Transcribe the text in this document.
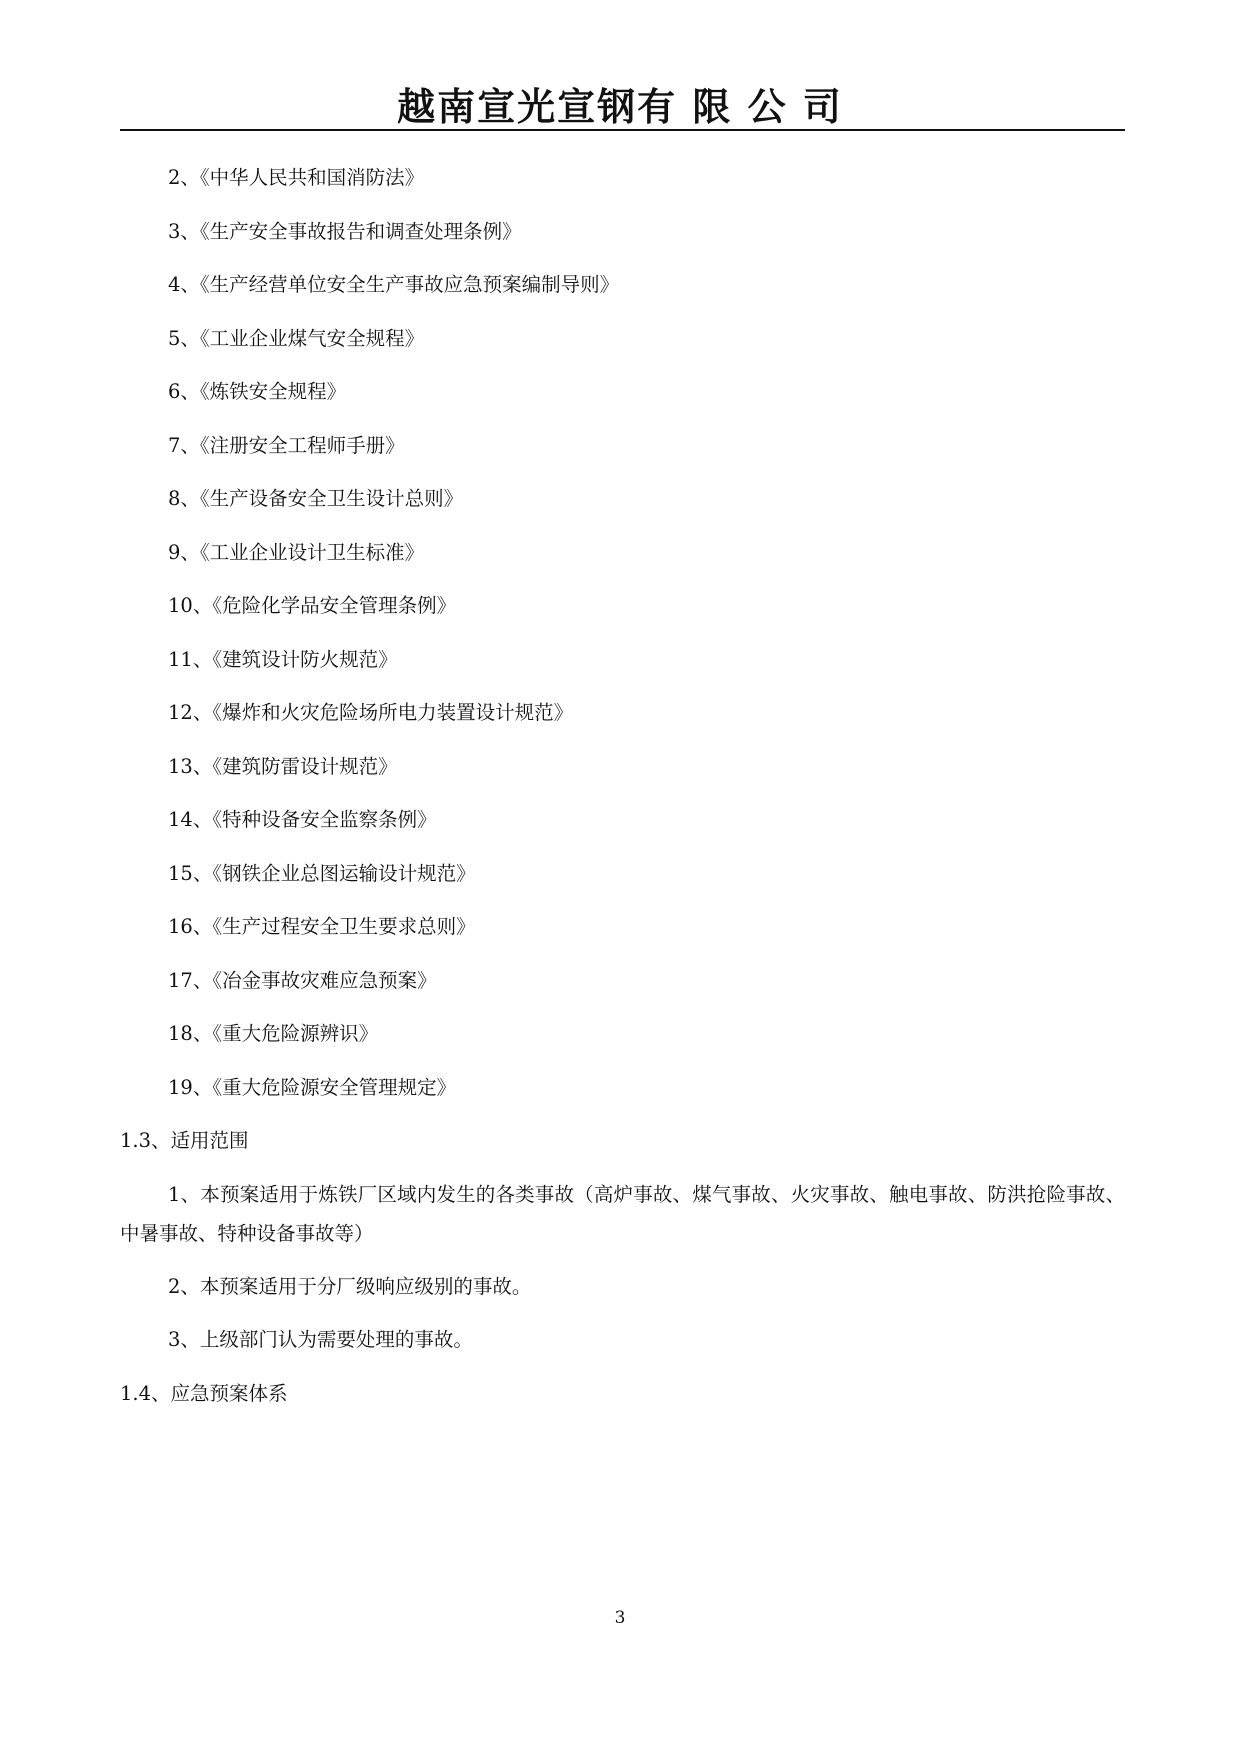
越南宣光宣钢有 限 公 司
2、《中华人民共和国消防法》
3、《生产安全事故报告和调查处理条例》
4、《生产经营单位安全生产事故应急预案编制导则》
5、《工业企业煤气安全规程》
6、《炼铁安全规程》
7、《注册安全工程师手册》
8、《生产设备安全卫生设计总则》
9、《工业企业设计卫生标准》
10、《危险化学品安全管理条例》
11、《建筑设计防火规范》
12、《爆炸和火灾危险场所电力装置设计规范》
13、《建筑防雷设计规范》
14、《特种设备安全监察条例》
15、《钢铁企业总图运输设计规范》
16、《生产过程安全卫生要求总则》
17、《冶金事故灾难应急预案》
18、《重大危险源辨识》
19、《重大危险源安全管理规定》
1.3、适用范围
1、本预案适用于炼铁厂区域内发生的各类事故（高炉事故、煤气事故、火灾事故、触电事故、防洪抢险事故、中暑事故、特种设备事故等）
2、本预案适用于分厂级响应级别的事故。
3、上级部门认为需要处理的事故。
1.4、应急预案体系
3
